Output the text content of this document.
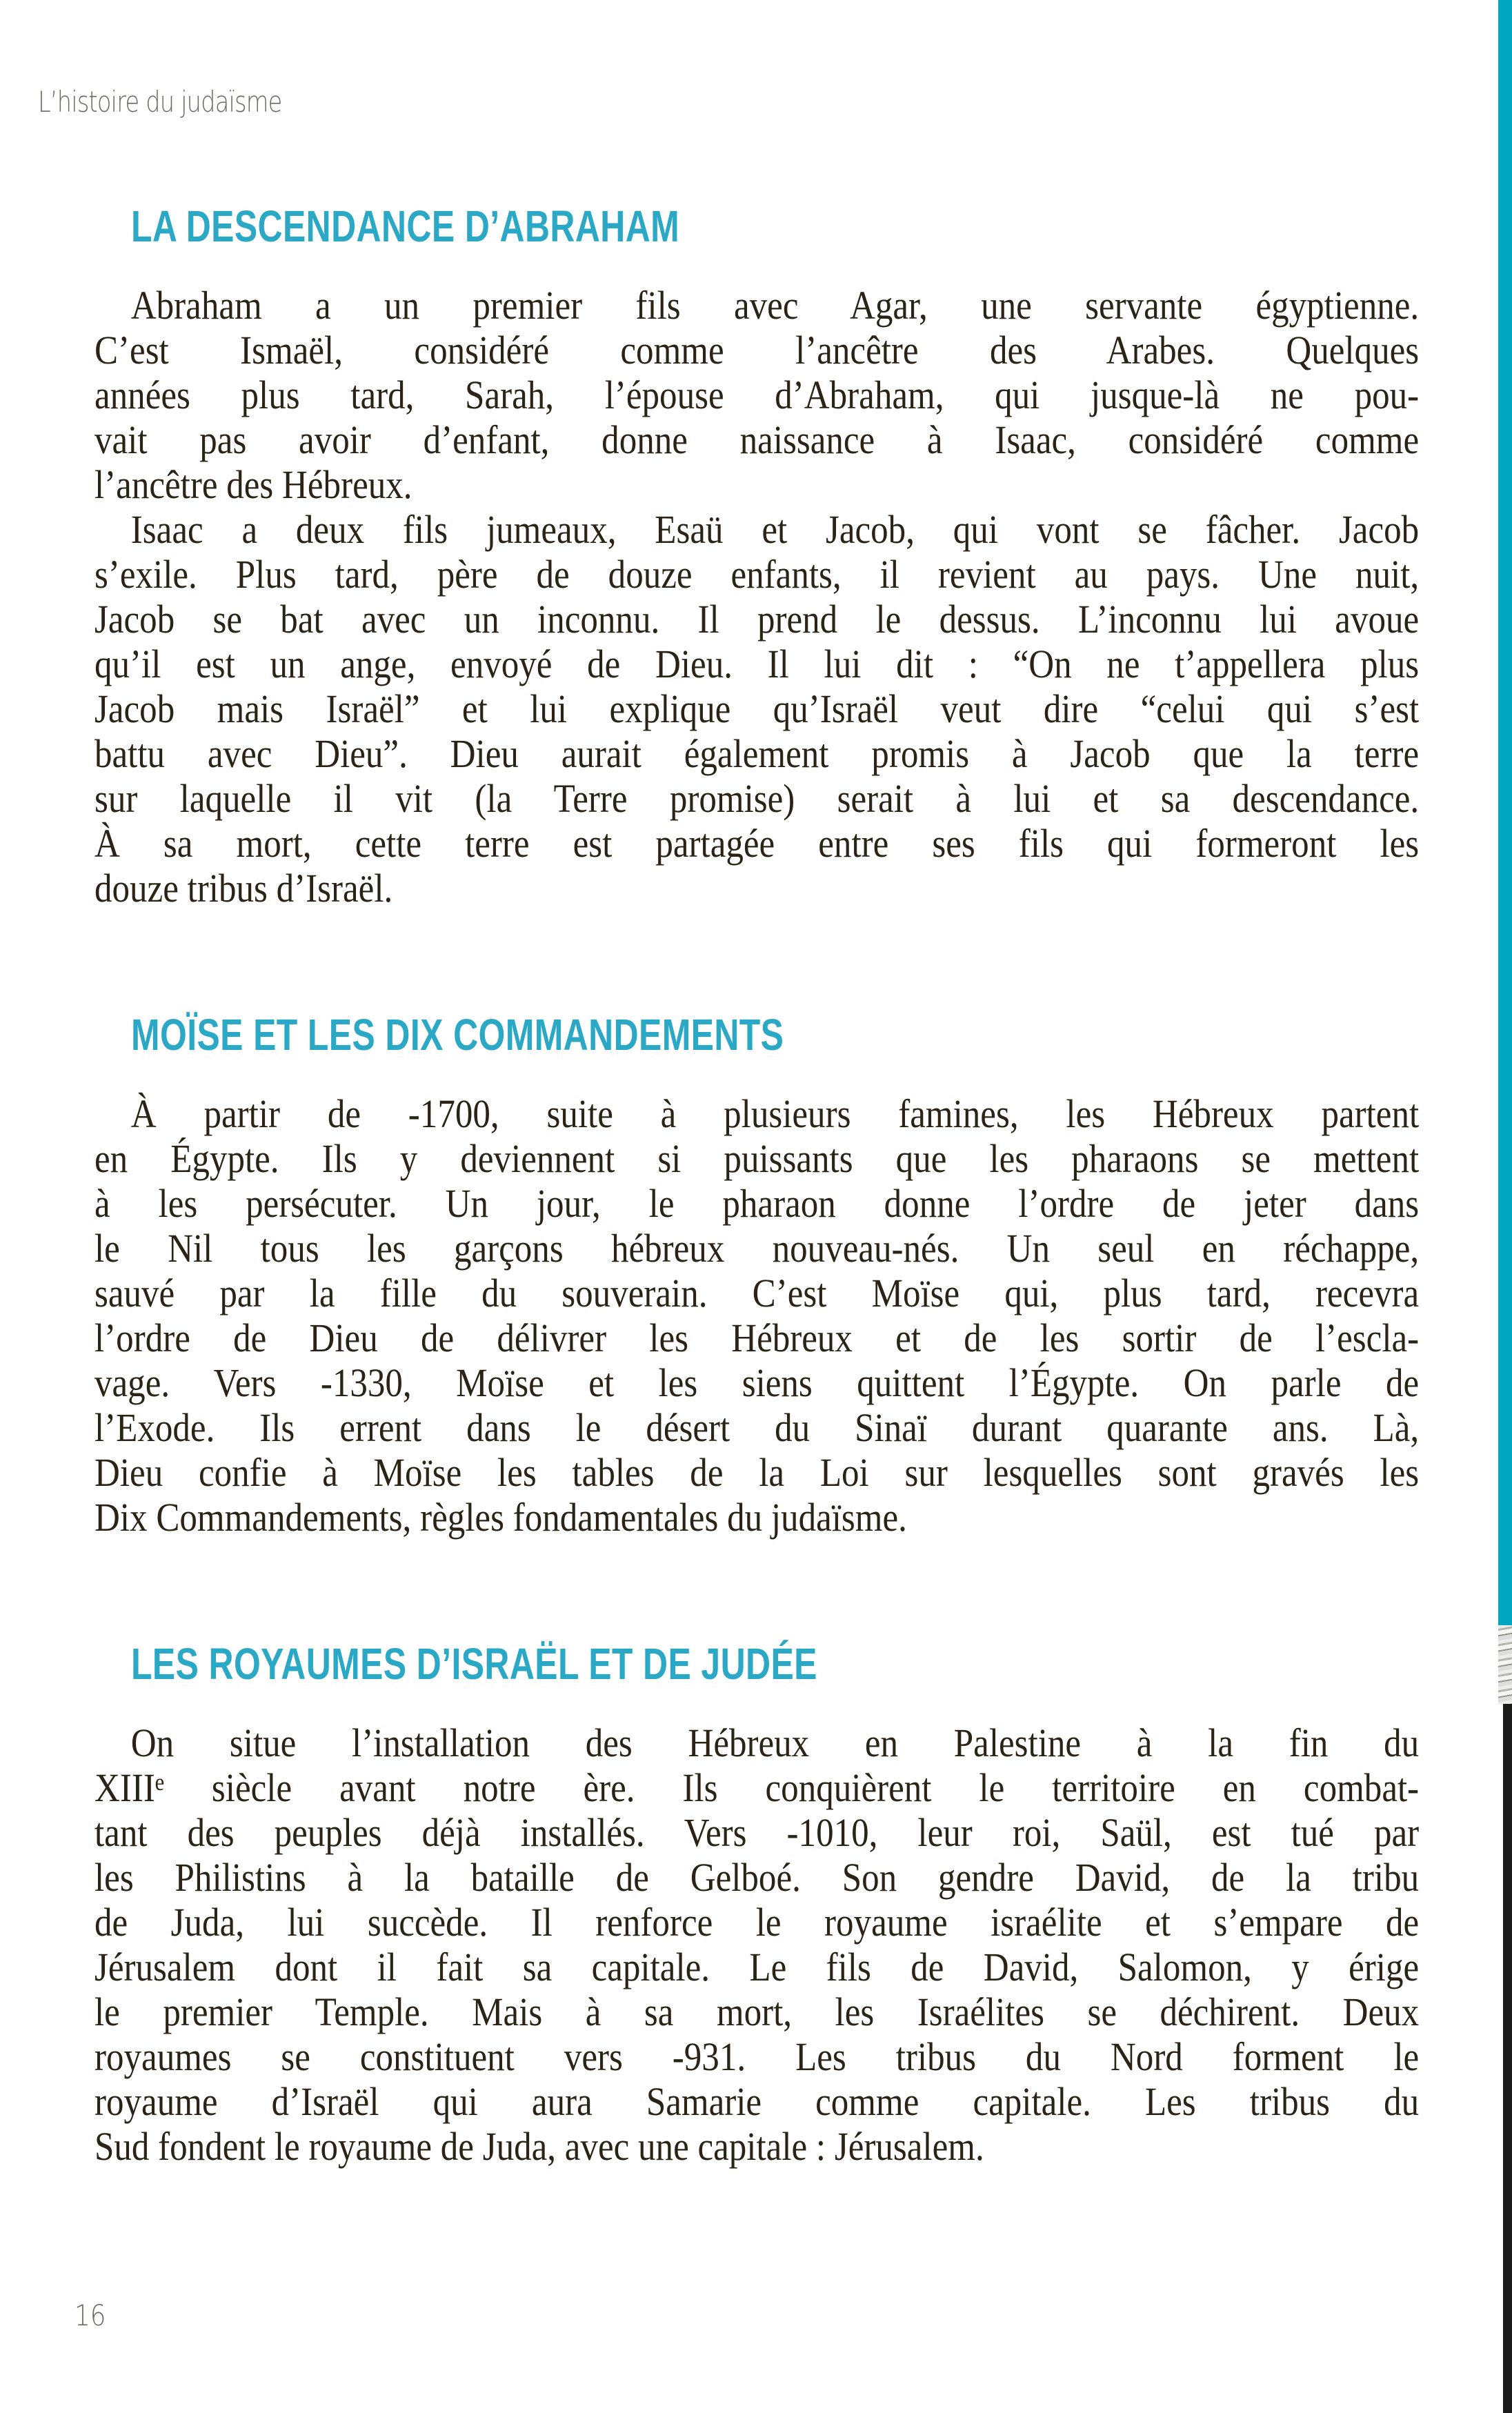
L’histoire du judaïsme
LA DESCENDANCE D’ABRAHAM
Abraham a un premier fils avec Agar, une servante égyptienne.
C’est Ismaël, considéré comme l’ancêtre des Arabes. Quelques
années plus tard, Sarah, l’épouse d’Abraham, qui jusque-là ne pou-
vait pas avoir d’enfant, donne naissance à Isaac, considéré comme
l’ancêtre des Hébreux.
Isaac a deux fils jumeaux, Esaü et Jacob, qui vont se fâcher. Jacob
s’exile. Plus tard, père de douze enfants, il revient au pays. Une nuit,
Jacob se bat avec un inconnu. Il prend le dessus. L’inconnu lui avoue
qu’il est un ange, envoyé de Dieu. Il lui dit : “On ne t’appellera plus
Jacob mais Israël” et lui explique qu’Israël veut dire “celui qui s’est
battu avec Dieu”. Dieu aurait également promis à Jacob que la terre
sur laquelle il vit (la Terre promise) serait à lui et sa descendance.
À sa mort, cette terre est partagée entre ses fils qui formeront les
douze tribus d’Israël.
MOÏSE ET LES DIX COMMANDEMENTS
À partir de -1700, suite à plusieurs famines, les Hébreux partent
en Égypte. Ils y deviennent si puissants que les pharaons se mettent
à les persécuter. Un jour, le pharaon donne l’ordre de jeter dans
le Nil tous les garçons hébreux nouveau-nés. Un seul en réchappe,
sauvé par la fille du souverain. C’est Moïse qui, plus tard, recevra
l’ordre de Dieu de délivrer les Hébreux et de les sortir de l’escla-
vage. Vers -1330, Moïse et les siens quittent l’Égypte. On parle de
l’Exode. Ils errent dans le désert du Sinaï durant quarante ans. Là,
Dieu confie à Moïse les tables de la Loi sur lesquelles sont gravés les
Dix Commandements, règles fondamentales du judaïsme.
LES ROYAUMES D’ISRAËL ET DE JUDÉE
On situe l’installation des Hébreux en Palestine à la fin du
XIIIᵉ siècle avant notre ère. Ils conquièrent le territoire en combat-
tant des peuples déjà installés. Vers -1010, leur roi, Saül, est tué par
les Philistins à la bataille de Gelboé. Son gendre David, de la tribu
de Juda, lui succède. Il renforce le royaume israélite et s’empare de
Jérusalem dont il fait sa capitale. Le fils de David, Salomon, y érige
le premier Temple. Mais à sa mort, les Israélites se déchirent. Deux
royaumes se constituent vers -931. Les tribus du Nord forment le
royaume d’Israël qui aura Samarie comme capitale. Les tribus du
Sud fondent le royaume de Juda, avec une capitale : Jérusalem.
16
